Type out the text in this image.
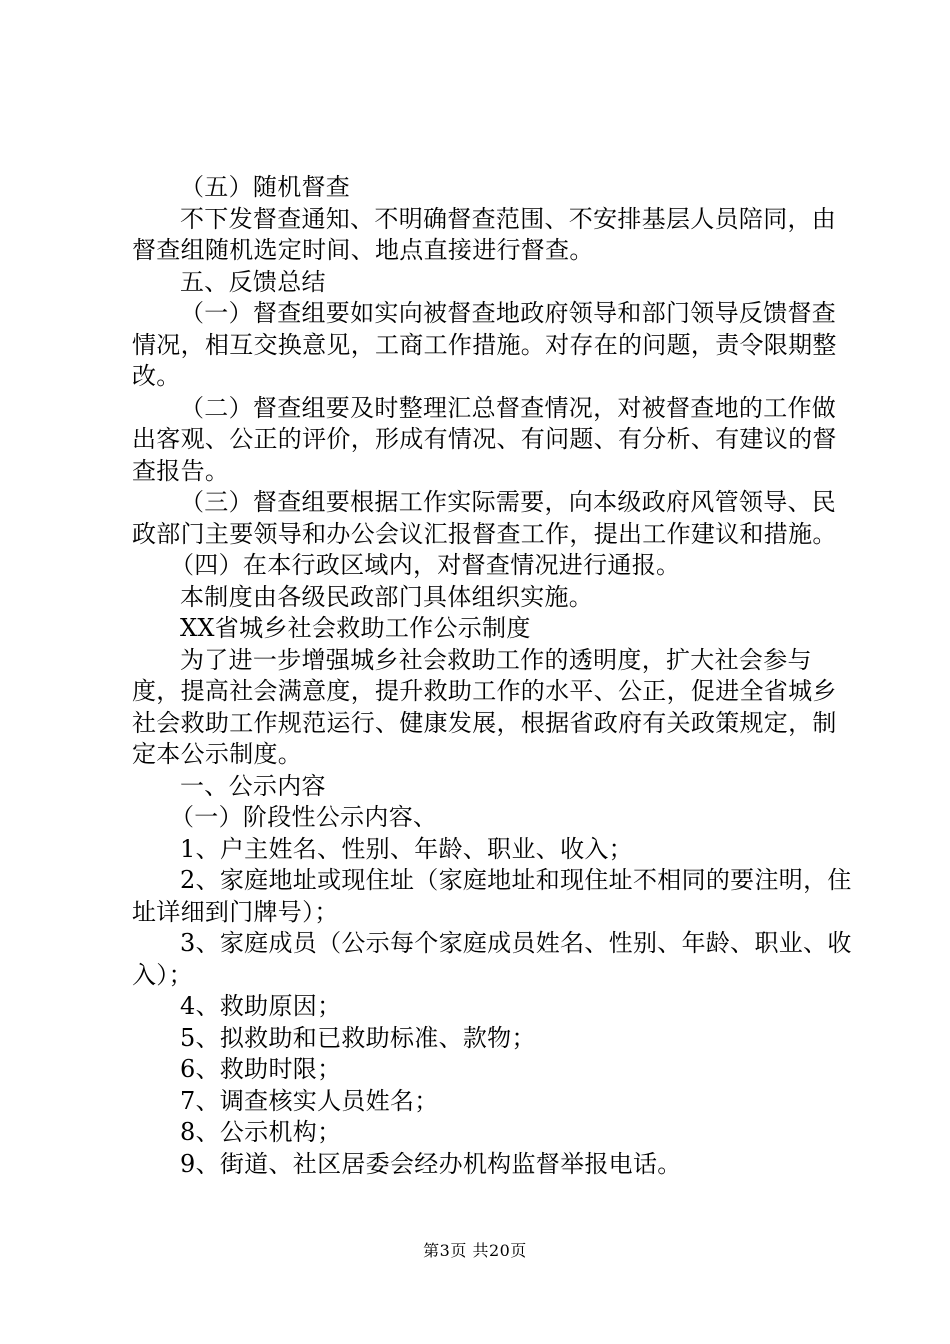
（五）随机督查

不下发督查通知、不明确督查范围、不安排基层人员陪同，由督查组随机选定时间、地点直接进行督查。

五、反馈总结

（一）督查组要如实向被督查地政府领导和部门领导反馈督查情况，相互交换意见，工商工作措施。对存在的问题，责令限期整改。

（二）督查组要及时整理汇总督查情况，对被督查地的工作做出客观、公正的评价，形成有情况、有问题、有分析、有建议的督查报告。

（三）督查组要根据工作实际需要，向本级政府风管领导、民政部门主要领导和办公会议汇报督查工作，提出工作建议和措施。

（四）在本行政区域内，对督查情况进行通报。

本制度由各级民政部门具体组织实施。

XX省城乡社会救助工作公示制度

为了进一步增强城乡社会救助工作的透明度，扩大社会参与度，提高社会满意度，提升救助工作的水平、公正，促进全省城乡社会救助工作规范运行、健康发展，根据省政府有关政策规定，制定本公示制度。

一、公示内容

（一）阶段性公示内容、

1、户主姓名、性别、年龄、职业、收入；

2、家庭地址或现住址（家庭地址和现住址不相同的要注明，住址详细到门牌号）；

3、家庭成员（公示每个家庭成员姓名、性别、年龄、职业、收入）；

4、救助原因；

5、拟救助和已救助标准、款物；

6、救助时限；

7、调查核实人员姓名；

8、公示机构；

9、街道、社区居委会经办机构监督举报电话。

第3页 共20页
